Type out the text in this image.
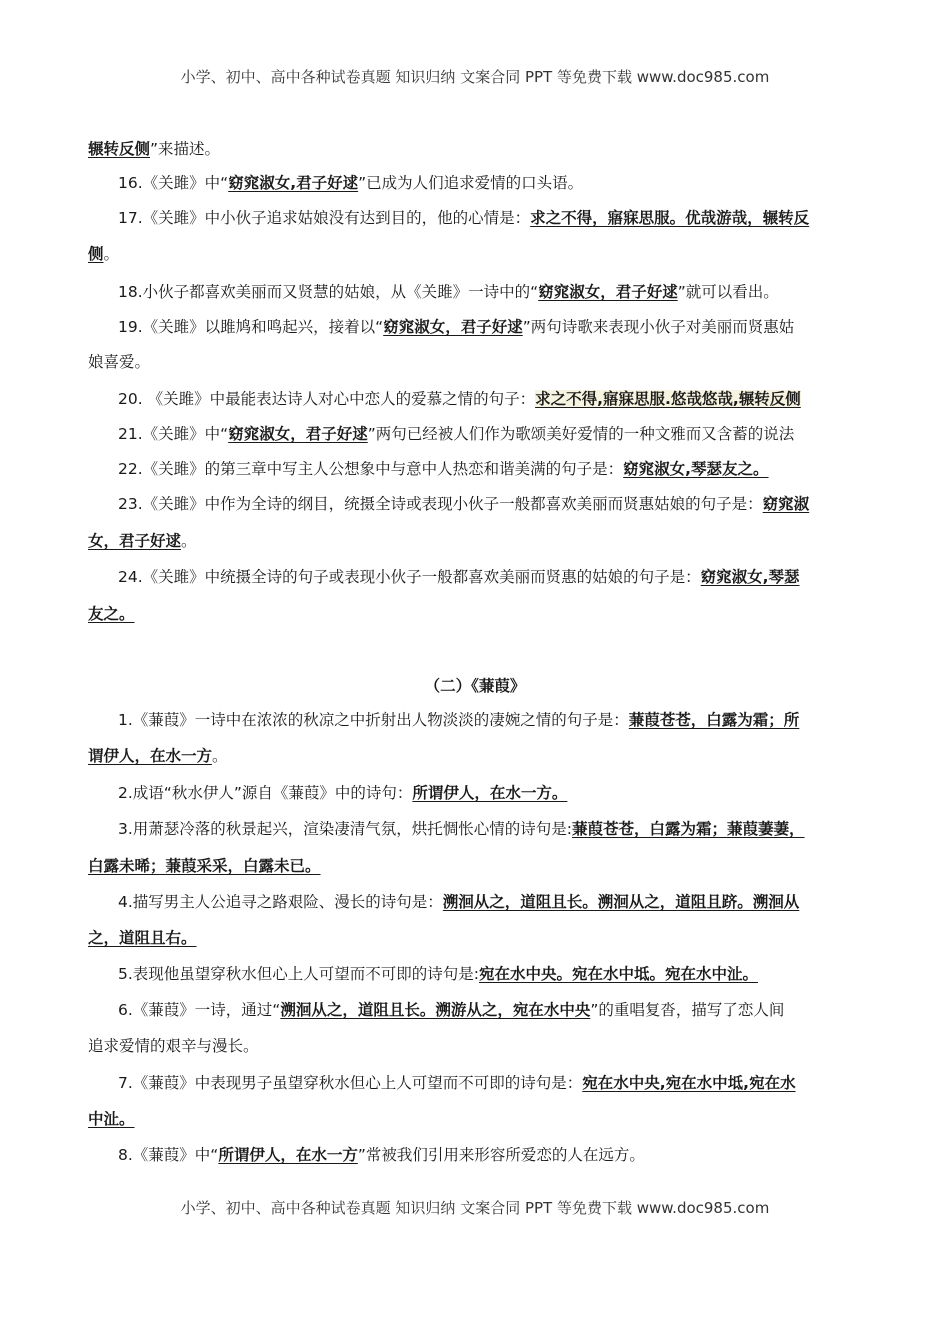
小学、初中、高中各种试卷真题 知识归纳 文案合同 PPT 等免费下载 www.doc985.com
辗转反侧”来描述。
16.《关雎》中“窈窕淑女,君子好逑”已成为人们追求爱情的口头语。
17.《关雎》中小伙子追求姑娘没有达到目的，他的心情是：求之不得，寤寐思服。优哉游哉，辗转反
侧。
18.小伙子都喜欢美丽而又贤慧的姑娘，从《关雎》一诗中的“窈窕淑女，君子好逑”就可以看出。
19.《关雎》以雎鸠和鸣起兴，接着以“窈窕淑女，君子好逑”两句诗歌来表现小伙子对美丽而贤惠姑
娘喜爱。
20. 《关雎》中最能表达诗人对心中恋人的爱慕之情的句子：求之不得,寤寐思服.悠哉悠哉,辗转反侧
21.《关雎》中“窈窕淑女，君子好逑”两句已经被人们作为歌颂美好爱情的一种文雅而又含蓄的说法
22.《关雎》的第三章中写主人公想象中与意中人热恋和谐美满的句子是：窈窕淑女,琴瑟友之。
23.《关雎》中作为全诗的纲目，统摄全诗或表现小伙子一般都喜欢美丽而贤惠姑娘的句子是：窈窕淑
女，君子好逑。
24.《关雎》中统摄全诗的句子或表现小伙子一般都喜欢美丽而贤惠的姑娘的句子是：窈窕淑女,琴瑟
友之。
（二）《蒹葭》
1.《蒹葭》一诗中在浓浓的秋凉之中折射出人物淡淡的凄婉之情的句子是：蒹葭苍苍，白露为霜；所
谓伊人，在水一方。
2.成语“秋水伊人”源自《蒹葭》中的诗句：所谓伊人，在水一方。
3.用萧瑟冷落的秋景起兴，渲染凄清气氛，烘托惆怅心情的诗句是:蒹葭苍苍，白露为霜；蒹葭萋萋，
白露未晞；蒹葭采采，白露未已。
4.描写男主人公追寻之路艰险、漫长的诗句是：溯洄从之，道阻且长。溯洄从之，道阻且跻。溯洄从
之，道阻且右。
5.表现他虽望穿秋水但心上人可望而不可即的诗句是:宛在水中央。宛在水中坻。宛在水中沚。
6.《蒹葭》一诗，通过“溯洄从之，道阻且长。溯游从之，宛在水中央”的重唱复沓，描写了恋人间
追求爱情的艰辛与漫长。
7.《蒹葭》中表现男子虽望穿秋水但心上人可望而不可即的诗句是：宛在水中央,宛在水中坻,宛在水
中沚。
8.《蒹葭》中“所谓伊人，在水一方”常被我们引用来形容所爱恋的人在远方。
小学、初中、高中各种试卷真题 知识归纳 文案合同 PPT 等免费下载 www.doc985.com
